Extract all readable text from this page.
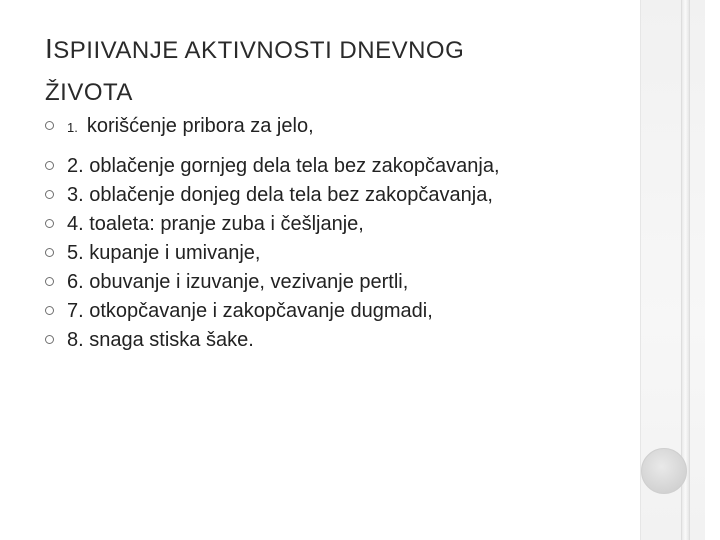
ISPIIVANJE AKTIVNOSTI DNEVNOG
ŽIVOTA
1. korišćenje pribora za jelo,
2. oblačenje gornjeg dela tela bez zakopčavanja,
3. oblačenje donjeg dela tela bez zakopčavanja,
4. toaleta: pranje zuba i češljanje,
5. kupanje i umivanje,
6. obuvanje i izuvanje, vezivanje pertli,
7. otkopčavanje i zakopčavanje dugmadi,
8. snaga stiska šake.
